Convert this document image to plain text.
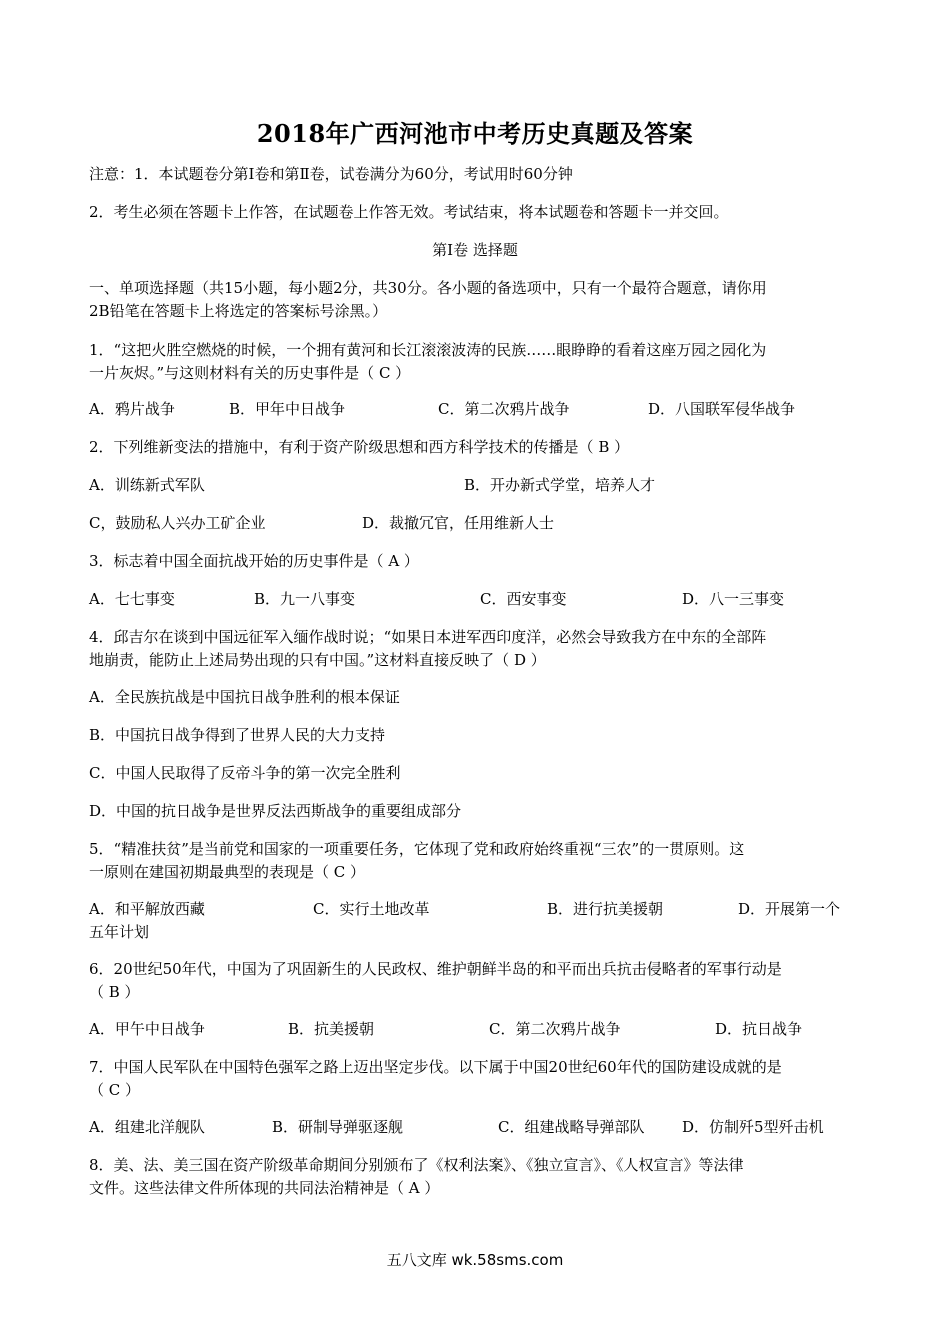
2018年广西河池市中考历史真题及答案
注意：1．本试题卷分第Ⅰ卷和第Ⅱ卷，试卷满分为60分，考试用时60分钟
2．考生必须在答题卡上作答，在试题卷上作答无效。考试结束，将本试题卷和答题卡一并交回。
第Ⅰ卷 选择题
一、单项选择题（共15小题，每小题2分，共30分。各小题的备选项中，只有一个最符合题意，请你用
2B铅笔在答题卡上将选定的答案标号涂黑。）
1．“这把火胜空燃烧的时候，一个拥有黄河和长江滚滚波涛的民族……眼睁睁的看着这座万园之园化为
一片灰烬。”与这则材料有关的历史事件是（ C ）
A．鸦片战争	B．甲年中日战争	C．第二次鸦片战争	D．八国联军侵华战争
2．下列维新变法的措施中，有利于资产阶级思想和西方科学技术的传播是（ B ）
A．训练新式军队	B．开办新式学堂，培养人才
C，鼓励私人兴办工矿企业	D．裁撤冗官，任用维新人士
3．标志着中国全面抗战开始的历史事件是（ A ）
A．七七事变	B．九一八事变	C．西安事变	D．八一三事变
4．邱吉尔在谈到中国远征军入缅作战时说；“如果日本进军西印度洋，必然会导致我方在中东的全部阵
地崩责，能防止上述局势出现的只有中国。”这材料直接反映了（ D ）
A．全民族抗战是中国抗日战争胜利的根本保证
B．中国抗日战争得到了世界人民的大力支持
C．中国人民取得了反帝斗争的第一次完全胜利
D．中国的抗日战争是世界反法西斯战争的重要组成部分
5．“精准扶贫”是当前党和国家的一项重要任务，它体现了党和政府始终重视“三农”的一贯原则。这
一原则在建国初期最典型的表现是（ C ）
A．和平解放西藏	C．实行土地改革	B．进行抗美援朝	D．开展第一个
五年计划
6．20世纪50年代，中国为了巩固新生的人民政权、维护朝鲜半岛的和平而出兵抗击侵略者的军事行动是
（ B ）
A．甲午中日战争	B．抗美援朝	C．第二次鸦片战争	D．抗日战争
7．中国人民军队在中国特色强军之路上迈出坚定步伐。以下属于中国20世纪60年代的国防建设成就的是
（ C ）
A．组建北洋舰队	B．研制导弹驱逐舰	C．组建战略导弹部队	D．仿制歼5型歼击机
8．美、法、美三国在资产阶级革命期间分别颁布了《权利法案》、《独立宣言》、《人权宣言》等法律
文件。这些法律文件所体现的共同法治精神是（ A ）
五八文库 wk.58sms.com
